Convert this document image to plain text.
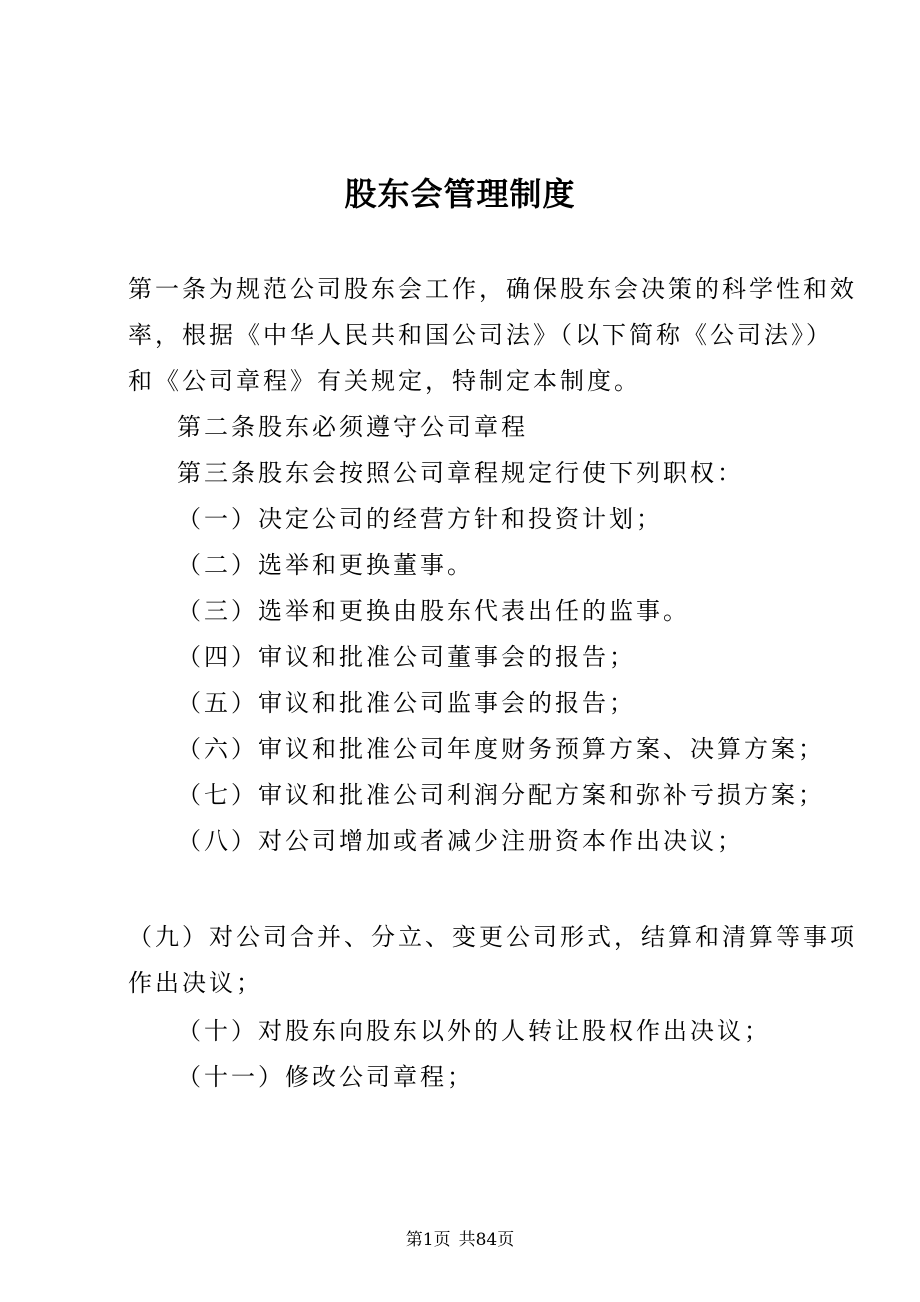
股东会管理制度
第一条为规范公司股东会工作，确保股东会决策的科学性和效
率，根据《中华人民共和国公司法》（以下简称《公司法》）
和《公司章程》有关规定，特制定本制度。
第二条股东必须遵守公司章程
第三条股东会按照公司章程规定行使下列职权：
（一）决定公司的经营方针和投资计划；
（二）选举和更换董事。
（三）选举和更换由股东代表出任的监事。
（四）审议和批准公司董事会的报告；
（五）审议和批准公司监事会的报告；
（六）审议和批准公司年度财务预算方案、决算方案；
（七）审议和批准公司利润分配方案和弥补亏损方案；
（八）对公司增加或者减少注册资本作出决议；
（九）对公司合并、分立、变更公司形式，结算和清算等事项
作出决议；
（十）对股东向股东以外的人转让股权作出决议；
（十一）修改公司章程；
第1页 共84页
